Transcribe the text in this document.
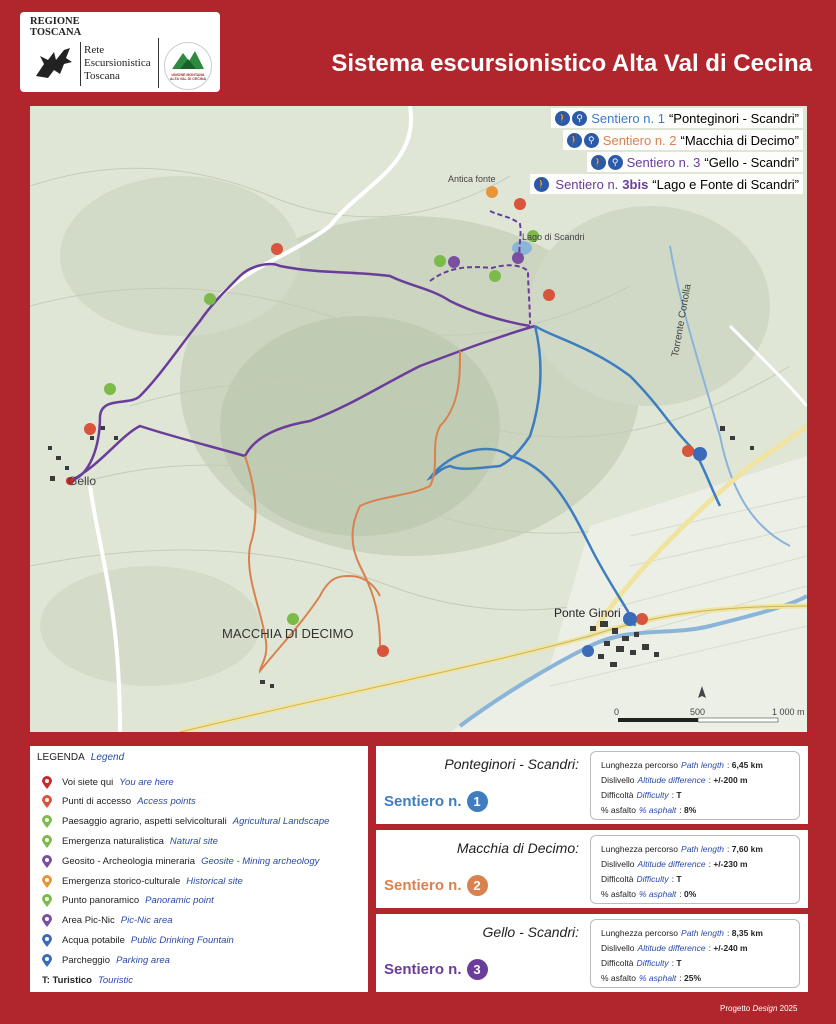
REGIONE
TOSCANA
Rete
Escursionistica
Toscana	UNIONE MONTANA ALTA VAL DI CECINA
Sistema escursionistico Alta Val di Cecina
🚶 ⚲ Sentiero n. 1 “Ponteginori - Scandri”
🚶 ⚲ Sentiero n. 2 “Macchia di Decimo”
🚶 ⚲ Sentiero n. 3 “Gello - Scandri”
🚶 Sentiero n. 3bis “Lago e Fonte di Scandri”
Gello
MACCHIA DI DECIMO
Ponte Ginori
Antica fonte
Lago di Scandri
Torrente Cortolla
0	500	1 000 m
LEGENDA Legend
Voi siete qui You are here
Punti di accesso Access points
Paesaggio agrario, aspetti selvicolturali Agricultural Landscape
Emergenza naturalistica Natural site
Geosito - Archeologia mineraria Geosite - Mining archeology
Emergenza storico-culturale Historical site
Punto panoramico Panoramic point
Area Pic-Nic Pic-Nic area
Acqua potabile Public Drinking Fountain
Parcheggio Parking area
T: Turistico Touristic
Ponteginori - Scandri:
Sentiero n. 1
Lunghezza percorso Path length : 6,45 km
Dislivello Altitude difference : +/-200 m
Difficoltà Difficulty : T
% asfalto % asphalt : 8%
Macchia di Decimo:
Sentiero n. 2
Lunghezza percorso Path length : 7,60 km
Dislivello Altitude difference : +/-230 m
Difficoltà Difficulty : T
% asfalto % asphalt : 0%
Gello - Scandri:
Sentiero n. 3
Lunghezza percorso Path length : 8,35 km
Dislivello Altitude difference : +/-240 m
Difficoltà Difficulty : T
% asfalto % asphalt : 25%
Progetto Design 2025
